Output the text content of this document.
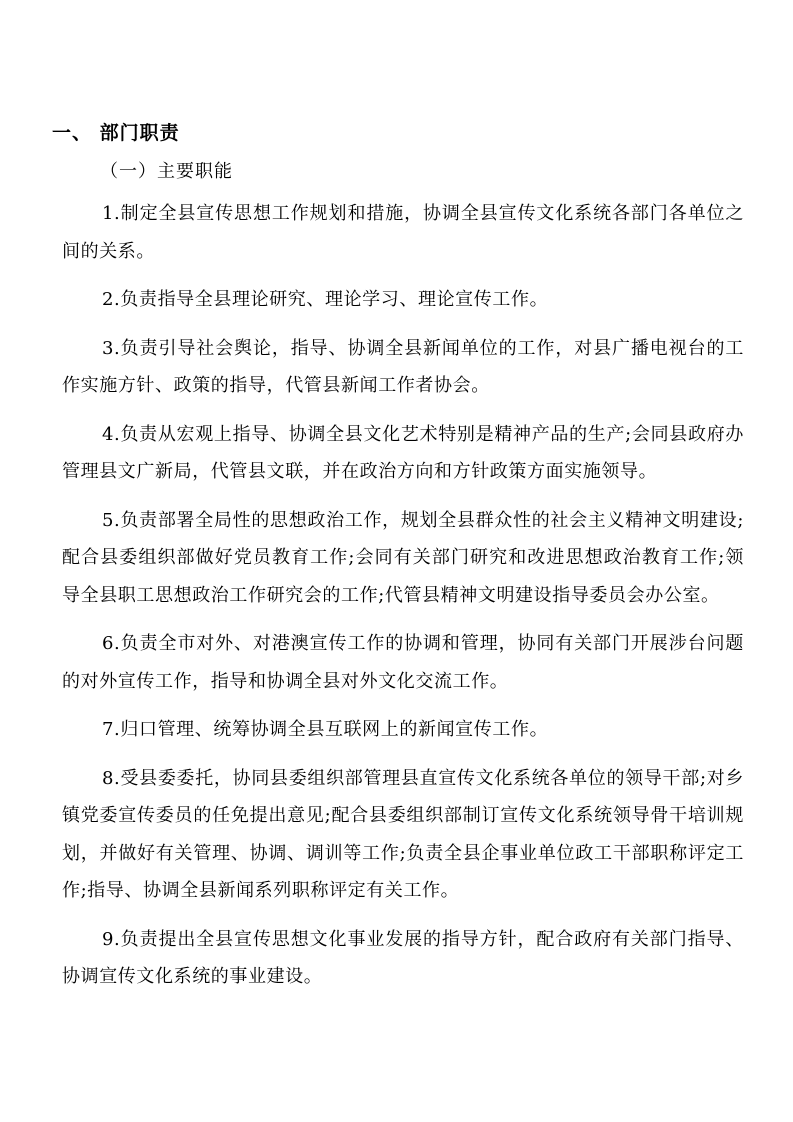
一、 部门职责
（一）主要职能

1.制定全县宣传思想工作规划和措施，协调全县宣传文化系统各部门各单位之间的关系。

2.负责指导全县理论研究、理论学习、理论宣传工作。

3.负责引导社会舆论，指导、协调全县新闻单位的工作，对县广播电视台的工作实施方针、政策的指导，代管县新闻工作者协会。

4.负责从宏观上指导、协调全县文化艺术特别是精神产品的生产;会同县政府办管理县文广新局，代管县文联，并在政治方向和方针政策方面实施领导。

5.负责部署全局性的思想政治工作，规划全县群众性的社会主义精神文明建设;配合县委组织部做好党员教育工作;会同有关部门研究和改进思想政治教育工作;领导全县职工思想政治工作研究会的工作;代管县精神文明建设指导委员会办公室。

6.负责全市对外、对港澳宣传工作的协调和管理，协同有关部门开展涉台问题的对外宣传工作，指导和协调全县对外文化交流工作。

7.归口管理、统筹协调全县互联网上的新闻宣传工作。

8.受县委委托，协同县委组织部管理县直宣传文化系统各单位的领导干部;对乡镇党委宣传委员的任免提出意见;配合县委组织部制订宣传文化系统领导骨干培训规划，并做好有关管理、协调、调训等工作;负责全县企事业单位政工干部职称评定工作;指导、协调全县新闻系列职称评定有关工作。

9.负责提出全县宣传思想文化事业发展的指导方针，配合政府有关部门指导、协调宣传文化系统的事业建设。
